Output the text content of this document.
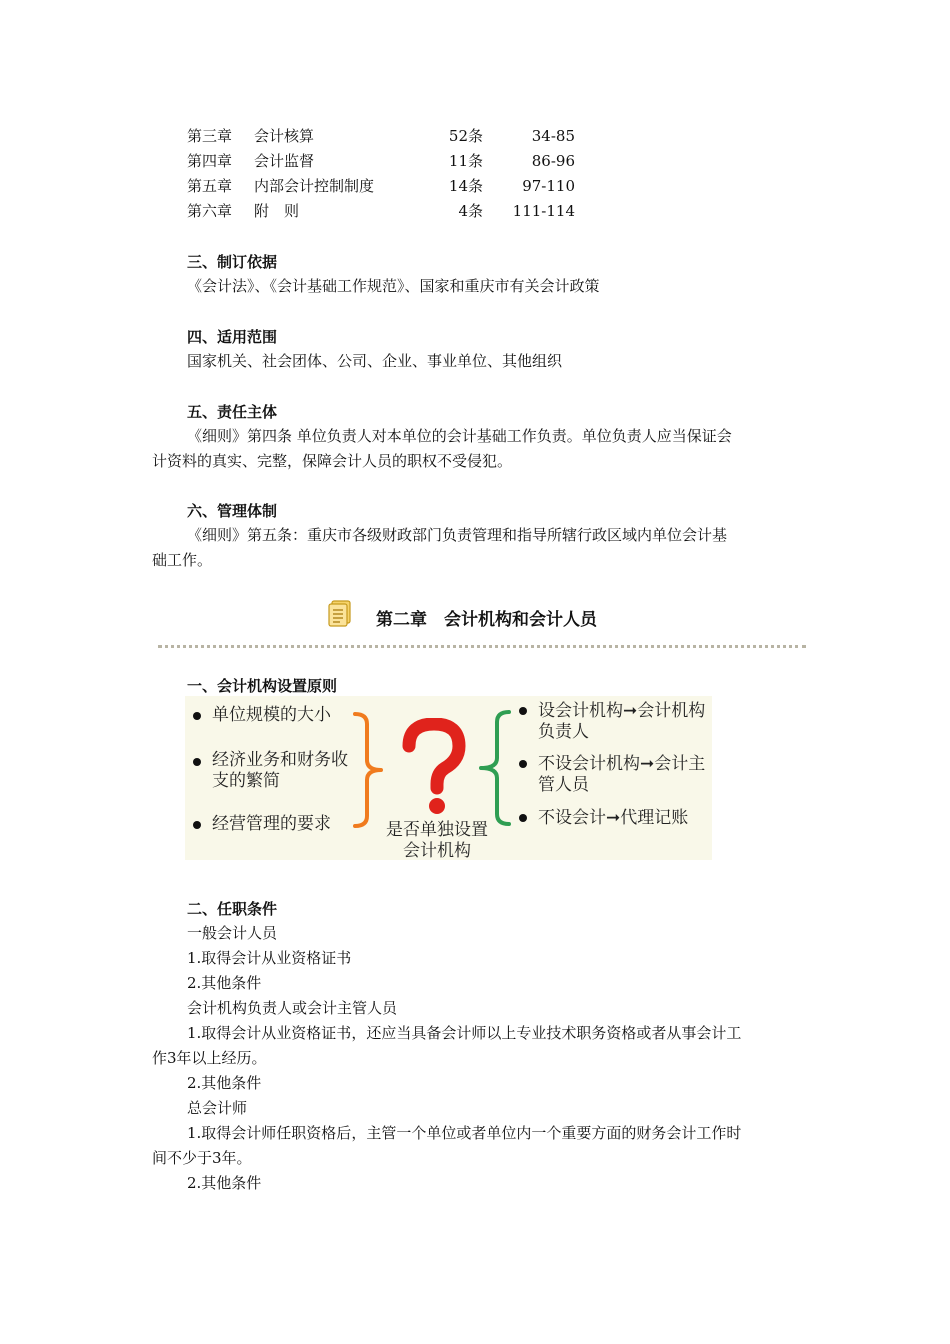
第三章 会计核算	52条	34-85
第四章 会计监督	11条	86-96
第五章 内部会计控制制度	14条	97-110
第六章 附　则	4条	111-114
三、制订依据
《会计法》、《会计基础工作规范》、国家和重庆市有关会计政策
四、适用范围
国家机关、社会团体、公司、企业、事业单位、其他组织
五、责任主体
《细则》第四条 单位负责人对本单位的会计基础工作负责。单位负责人应当保证会
计资料的真实、完整，保障会计人员的职权不受侵犯。
六、管理体制
《细则》第五条：重庆市各级财政部门负责管理和指导所辖行政区域内单位会计基
础工作。
第二章　会计机构和会计人员
一、会计机构设置原则
单位规模的大小
经济业务和财务收
支的繁简
经营管理的要求	是否单独设置
会计机构
设会计机构➞会计机构
负责人
不设会计机构➞会计主
管人员
不设会计➞代理记账
二、任职条件
一般会计人员
1.取得会计从业资格证书
2.其他条件
会计机构负责人或会计主管人员
1.取得会计从业资格证书，还应当具备会计师以上专业技术职务资格或者从事会计工
作3年以上经历。
2.其他条件
总会计师
1.取得会计师任职资格后，主管一个单位或者单位内一个重要方面的财务会计工作时
间不少于3年。
2.其他条件
